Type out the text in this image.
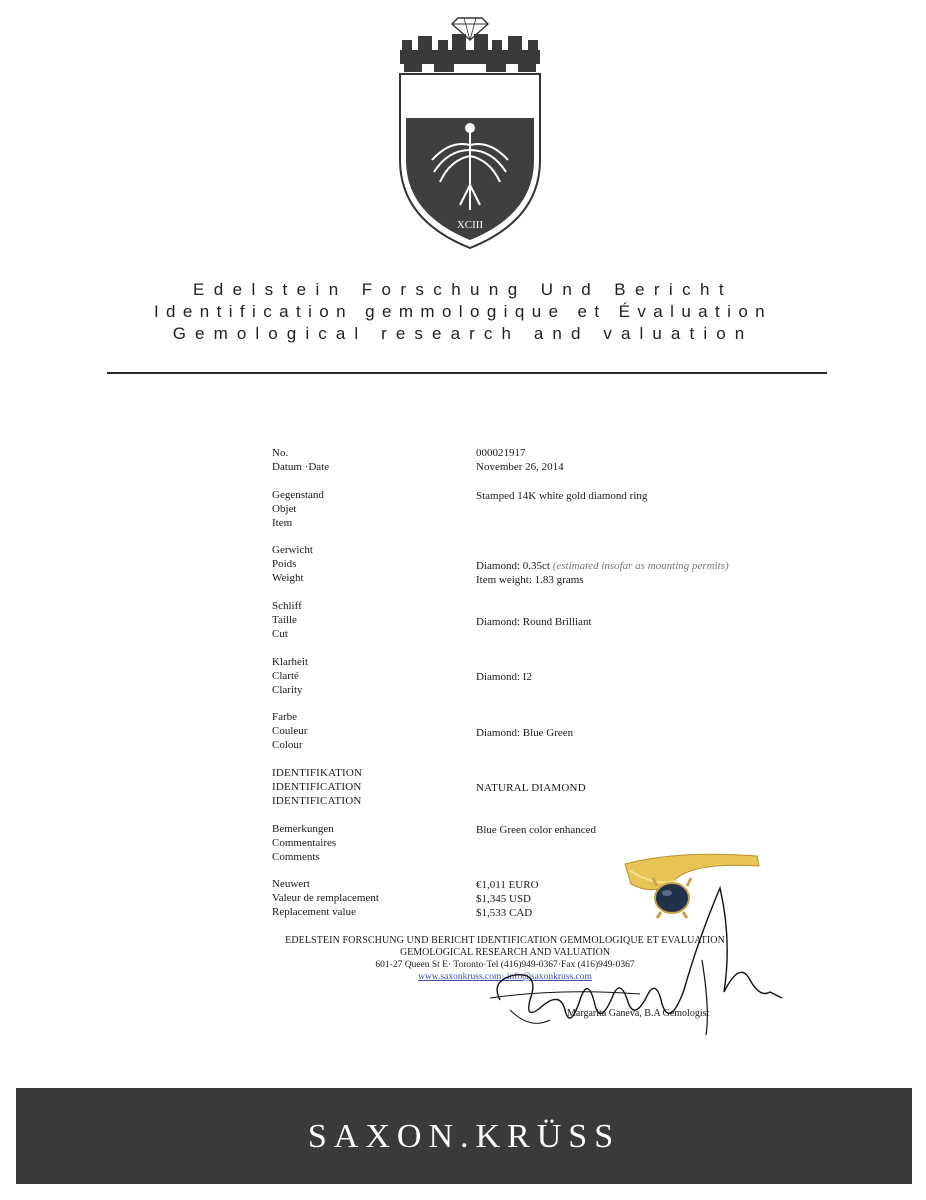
XCIII
Edelstein Forschung Und Bericht
Identification gemmologique et Évaluation
Gemological research and valuation
No.	000021917
Datum ·Date	November 26, 2014
Gegenstand
Objet
Item
Stamped 14K white gold diamond ring
Gerwicht
Poids
Weight
Diamond: 0.35ct (estimated insofar as mounting permits)
Item weight: 1.83 grams
Schliff
Taille
Cut
Diamond: Round Brilliant
Klarheit
Clarté
Clarity
Diamond: I2
Farbe
Couleur
Colour
Diamond: Blue Green
IDENTIFIKATION
IDENTIFICATION
IDENTIFICATION
NATURAL DIAMOND
Bemerkungen
Commentaires
Comments
Blue Green color enhanced
Neuwert
Valeur de remplacement
Replacement value
€1,011 EURO
$1,345 USD
$1,533 CAD
EDELSTEIN FORSCHUNG UND BERICHT IDENTIFICATION GEMMOLOGIQUE ET EVALUATION
GEMOLOGICAL RESEARCH AND VALUATION
601-27 Queen St E· Toronto·Tel (416)949-0367·Fax (416)949-0367
www.saxonkruss.com· info@saxonkruss.com
Margarita Ganeva, B.A Gemologist
SAXON.KRÜSS
